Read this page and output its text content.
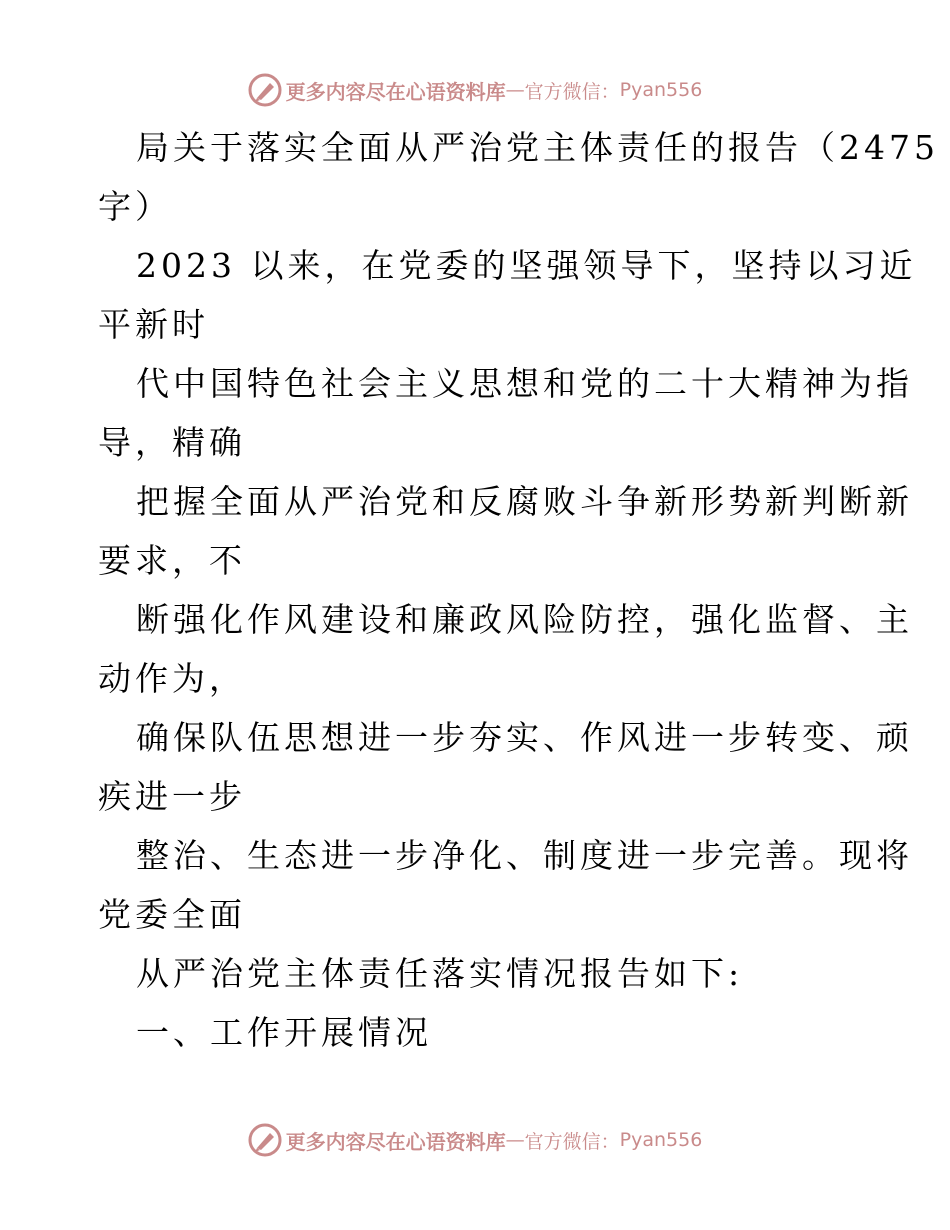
更多内容尽在心语资料库 — 官方微信： Pyan556
局关于落实全面从严治党主体责任的报告（2475
字）
2023 以来，在党委的坚强领导下，坚持以习近
平新时
代中国特色社会主义思想和党的二十大精神为指
导，精确
把握全面从严治党和反腐败斗争新形势新判断新
要求，不
断强化作风建设和廉政风险防控，强化监督、主
动作为，
确保队伍思想进一步夯实、作风进一步转变、顽
疾进一步
整治、生态进一步净化、制度进一步完善。现将
党委全面
从严治党主体责任落实情况报告如下:
一、工作开展情况
更多内容尽在心语资料库 — 官方微信： Pyan556
